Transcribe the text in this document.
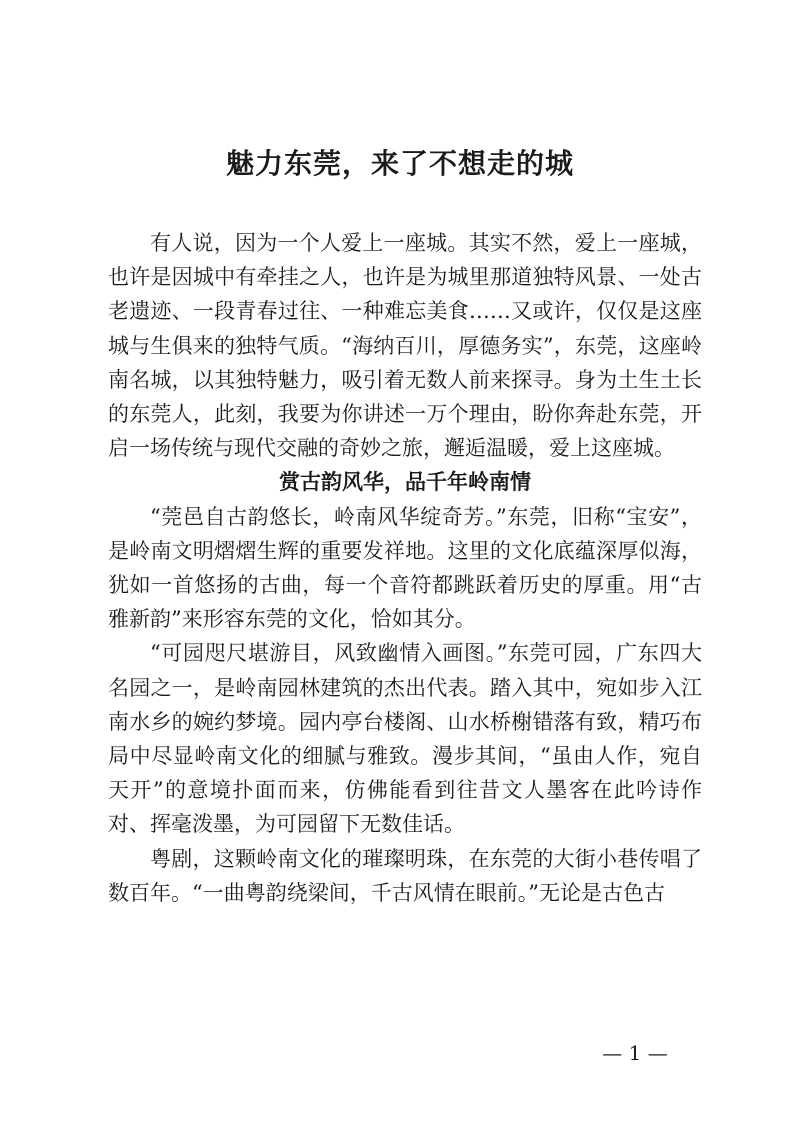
魅力东莞，来了不想走的城

有人说，因为一个人爱上一座城。其实不然，爱上一座城，也许是因城中有牵挂之人，也许是为城里那道独特风景、一处古老遗迹、一段青春过往、一种难忘美食……又或许，仅仅是这座城与生俱来的独特气质。“海纳百川，厚德务实”，东莞，这座岭南名城，以其独特魅力，吸引着无数人前来探寻。身为土生土长的东莞人，此刻，我要为你讲述一万个理由，盼你奔赴东莞，开启一场传统与现代交融的奇妙之旅，邂逅温暖，爱上这座城。

赏古韵风华，品千年岭南情

“莞邑自古韵悠长，岭南风华绽奇芳。”东莞，旧称“宝安”，是岭南文明熠熠生辉的重要发祥地。这里的文化底蕴深厚似海，犹如一首悠扬的古曲，每一个音符都跳跃着历史的厚重。用“古雅新韵”来形容东莞的文化，恰如其分。

“可园咫尺堪游目，风致幽情入画图。”东莞可园，广东四大名园之一，是岭南园林建筑的杰出代表。踏入其中，宛如步入江南水乡的婉约梦境。园内亭台楼阁、山水桥榭错落有致，精巧布局中尽显岭南文化的细腻与雅致。漫步其间，“虽由人作，宛自天开”的意境扑面而来，仿佛能看到往昔文人墨客在此吟诗作对、挥毫泼墨，为可园留下无数佳话。

粤剧，这颗岭南文化的璀璨明珠，在东莞的大街小巷传唱了数百年。“一曲粤韵绕梁间，千古风情在眼前。”无论是古色古

— 1 —
